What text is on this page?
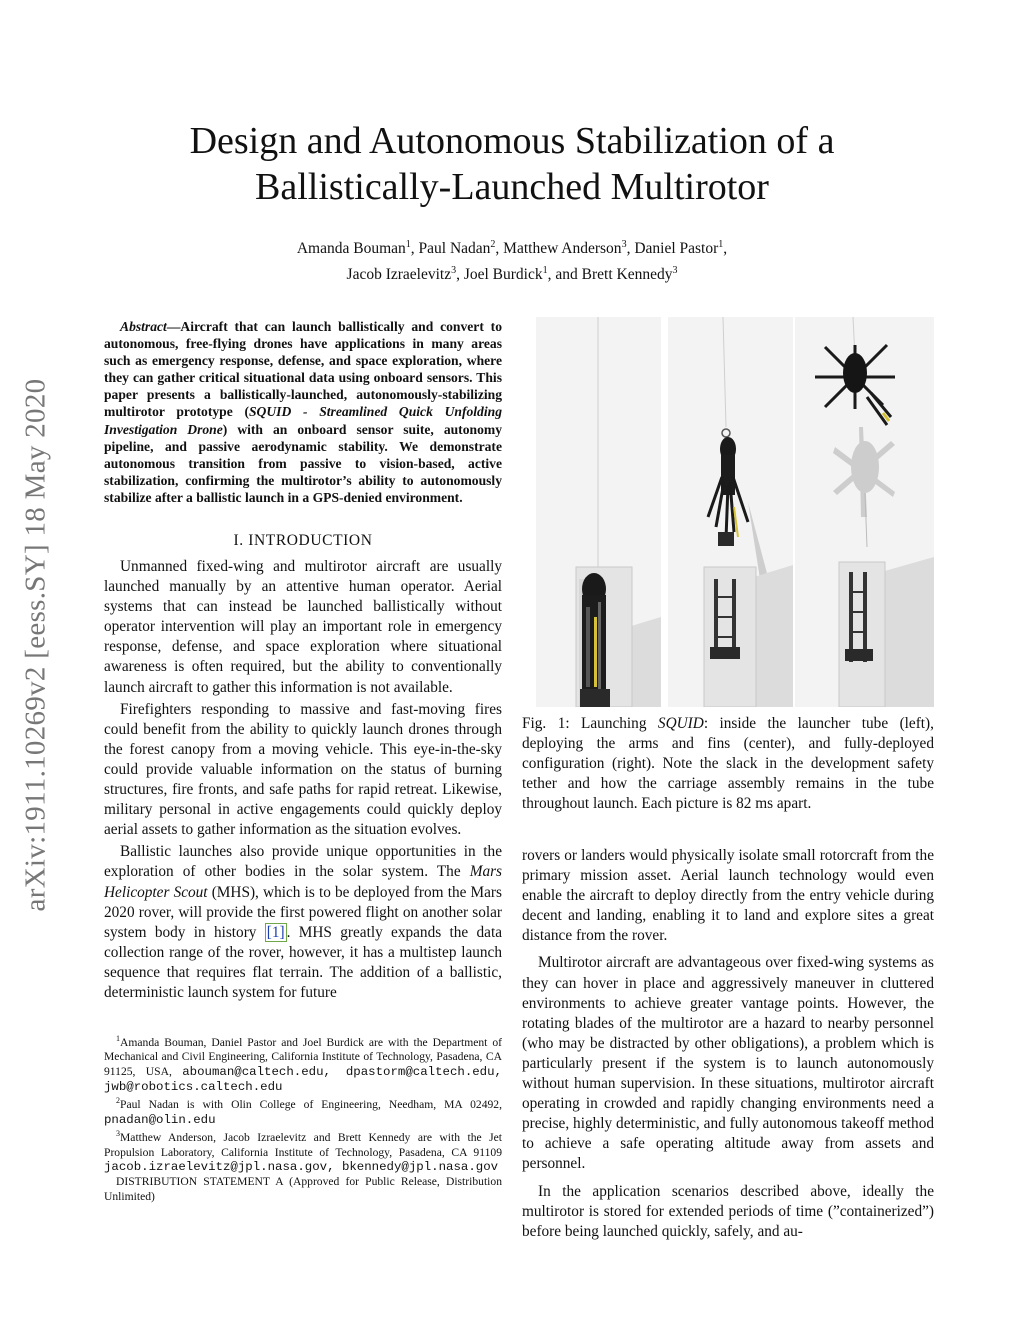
arXiv:1911.10269v2 [eess.SY] 18 May 2020
Design and Autonomous Stabilization of a
Ballistically-Launched Multirotor
Amanda Bouman$^1$, Paul Nadan$^2$, Matthew Anderson$^3$, Daniel Pastor$^1$,
Jacob Izraelevitz$^3$, Joel Burdick$^1$, and Brett Kennedy$^3$
Abstract—Aircraft that can launch ballistically and convert to autonomous, free-flying drones have applications in many areas such as emergency response, defense, and space exploration, where they can gather critical situational data using onboard sensors. This paper presents a ballistically-launched, autonomously-stabilizing multirotor prototype (SQUID - Streamlined Quick Unfolding Investigation Drone) with an onboard sensor suite, autonomy pipeline, and passive aerodynamic stability. We demonstrate autonomous transition from passive to vision-based, active stabilization, confirming the multirotor’s ability to autonomously stabilize after a ballistic launch in a GPS-denied environment.
I. INTRODUCTION

Unmanned fixed-wing and multirotor aircraft are usually launched manually by an attentive human operator. Aerial systems that can instead be launched ballistically without operator intervention will play an important role in emergency response, defense, and space exploration where situational awareness is often required, but the ability to conventionally launch aircraft to gather this information is not available.

Firefighters responding to massive and fast-moving fires could benefit from the ability to quickly launch drones through the forest canopy from a moving vehicle. This eye-in-the-sky could provide valuable information on the status of burning structures, fire fronts, and safe paths for rapid retreat. Likewise, military personal in active engagements could quickly deploy aerial assets to gather information as the situation evolves.

Ballistic launches also provide unique opportunities in the exploration of other bodies in the solar system. The Mars Helicopter Scout (MHS), which is to be deployed from the Mars 2020 rover, will provide the first powered flight on another solar system body in history [1] . MHS greatly expands the data collection range of the rover, however, it has a multistep launch sequence that requires flat terrain. The addition of a ballistic, deterministic launch system for future

$^1$Amanda Bouman, Daniel Pastor and Joel Burdick are with the Department of Mechanical and Civil Engineering, California Institute of Technology, Pasadena, CA 91125, USA, abouman@caltech.edu, dpastorm@caltech.edu, jwb@robotics.caltech.edu

$^2$Paul Nadan is with Olin College of Engineering, Needham, MA 02492, pnadan@olin.edu

$^3$Matthew Anderson, Jacob Izraelevitz and Brett Kennedy are with the Jet Propulsion Laboratory, California Institute of Technology, Pasadena, CA 91109 jacob.izraelevitz@jpl.nasa.gov, bkennedy@jpl.nasa.gov

DISTRIBUTION STATEMENT A (Approved for Public Release, Distribution Unlimited)

Fig. 1: Launching SQUID: inside the launcher tube (left), deploying the arms and fins (center), and fully-deployed configuration (right). Note the slack in the development safety tether and how the carriage assembly remains in the tube throughout launch. Each picture is 82 ms apart.

rovers or landers would physically isolate small rotorcraft from the primary mission asset. Aerial launch technology would even enable the aircraft to deploy directly from the entry vehicle during decent and landing, enabling it to land and explore sites a great distance from the rover.

Multirotor aircraft are advantageous over fixed-wing systems as they can hover in place and aggressively maneuver in cluttered environments to achieve greater vantage points. However, the rotating blades of the multirotor are a hazard to nearby personnel (who may be distracted by other obligations), a problem which is particularly present if the system is to launch autonomously without human supervision. In these situations, multirotor aircraft operating in crowded and rapidly changing environments need a precise, highly deterministic, and fully autonomous takeoff method to achieve a safe operating altitude away from assets and personnel.

In the application scenarios described above, ideally the multirotor is stored for extended periods of time (”containerized”) before being launched quickly, safely, and au-
